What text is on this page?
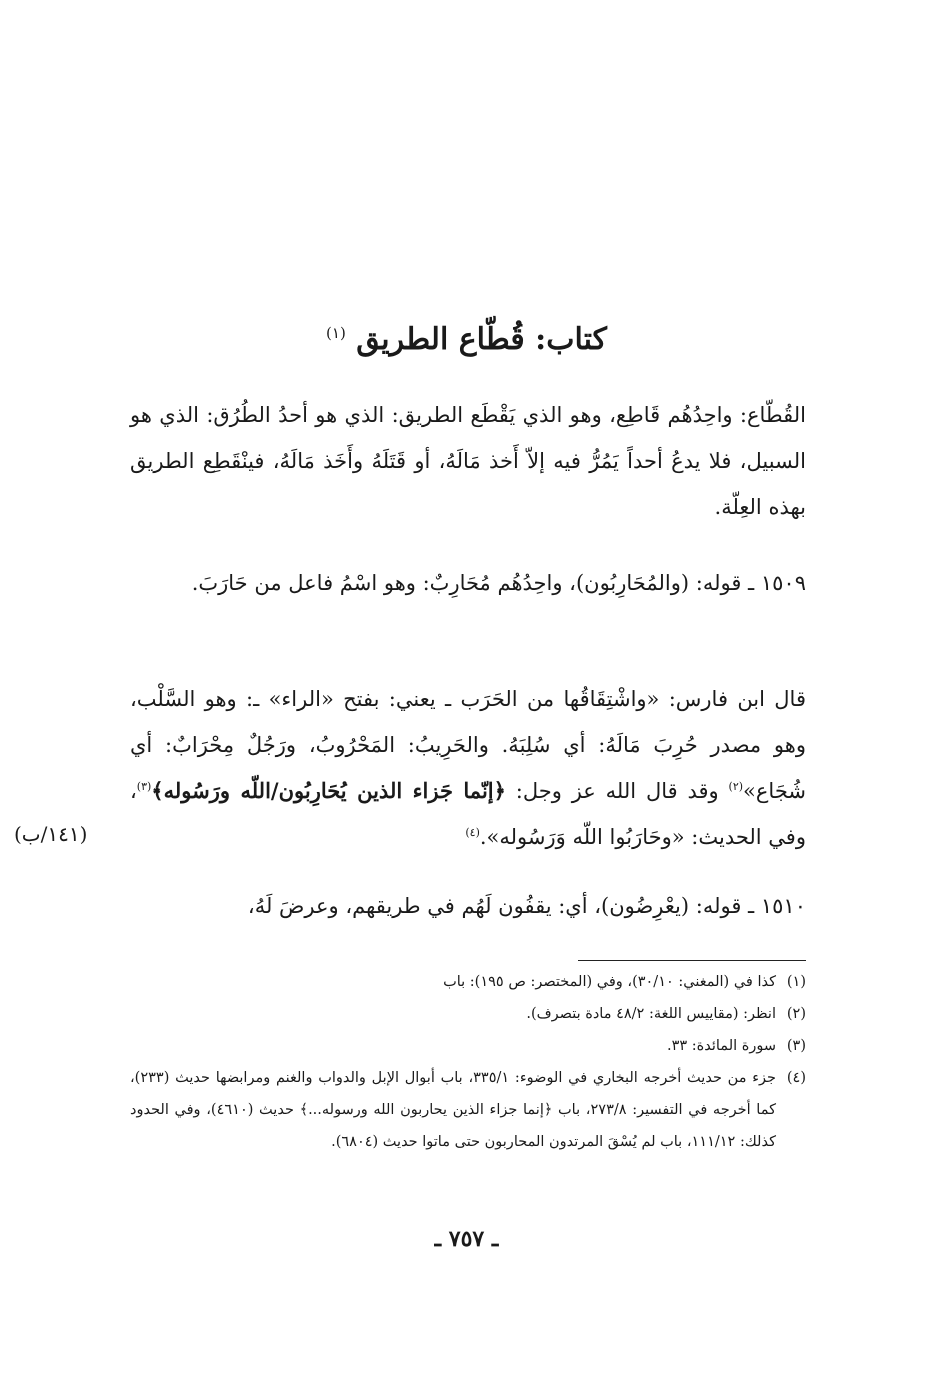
كتاب: قُطّاع الطريق $^{(١)}$

القُطّاع: واحِدُهُم قَاطِع، وهو الذي يَقْطَع الطريق: الذي هو أحدُ الطُرُق: الذي هو السبيل، فلا يدعُ أحداً يَمُرُّ فيه إلاّ أَخذ مَالَهُ، أو قَتَلَهُ وأَخَذ مَالَهُ، فينْقَطِع الطريق بهذه العِلّة.

١٥٠٩ ـ قوله: (والمُحَارِبُون)، واحِدُهُم مُحَارِبٌ: وهو اسْمُ فاعل من حَارَبَ.

قال ابن فارس: «واشْتِقَاقُها من الحَرَب ـ يعني: بفتح «الراء» ـ: وهو السَّلْب، وهو مصدر حُرِبَ مَالَهُ: أي سُلِبَهُ. والحَرِيبُ: المَحْرُوبُ، ورَجُلٌ مِحْرَابٌ: أي شُجَاع»$^{(٢)}$ وقد قال الله عز وجل: ﴿إنّما جَزاء الذين يُحَارِبُون/اللّه ورَسُوله﴾$^{(٣)}$، وفي الحديث: «وحَارَبُوا اللّه وَرَسُوله».$^{(٤)}$

(١٤١/ب)

١٥١٠ ـ قوله: (يعْرِضُون)، أي: يقفُون لَهُم في طريقهم، وعرضَ لَهُ،

(١)
كذا في (المغني: ٣٠/١٠)، وفي (المختصر: ص ١٩٥): باب
(٢)
انظر: (مقاييس اللغة: ٤٨/٢ مادة بتصرف).
(٣)
سورة المائدة: ٣٣.
(٤)
جزء من حديث أخرجه البخاري في الوضوء: ٣٣٥/١، باب أبوال الإبل والدواب والغنم ومرابضها حديث (٢٣٣)، كما أخرجه في التفسير: ٢٧٣/٨، باب ﴿إنما جزاء الذين يحاربون الله ورسوله...﴾ حديث (٤٦١٠)، وفي الحدود كذلك: ١١١/١٢، باب لم يُسْقَ المرتدون المحاربون حتى ماتوا حديث (٦٨٠٤).
ـ ٧٥٧ ـ
